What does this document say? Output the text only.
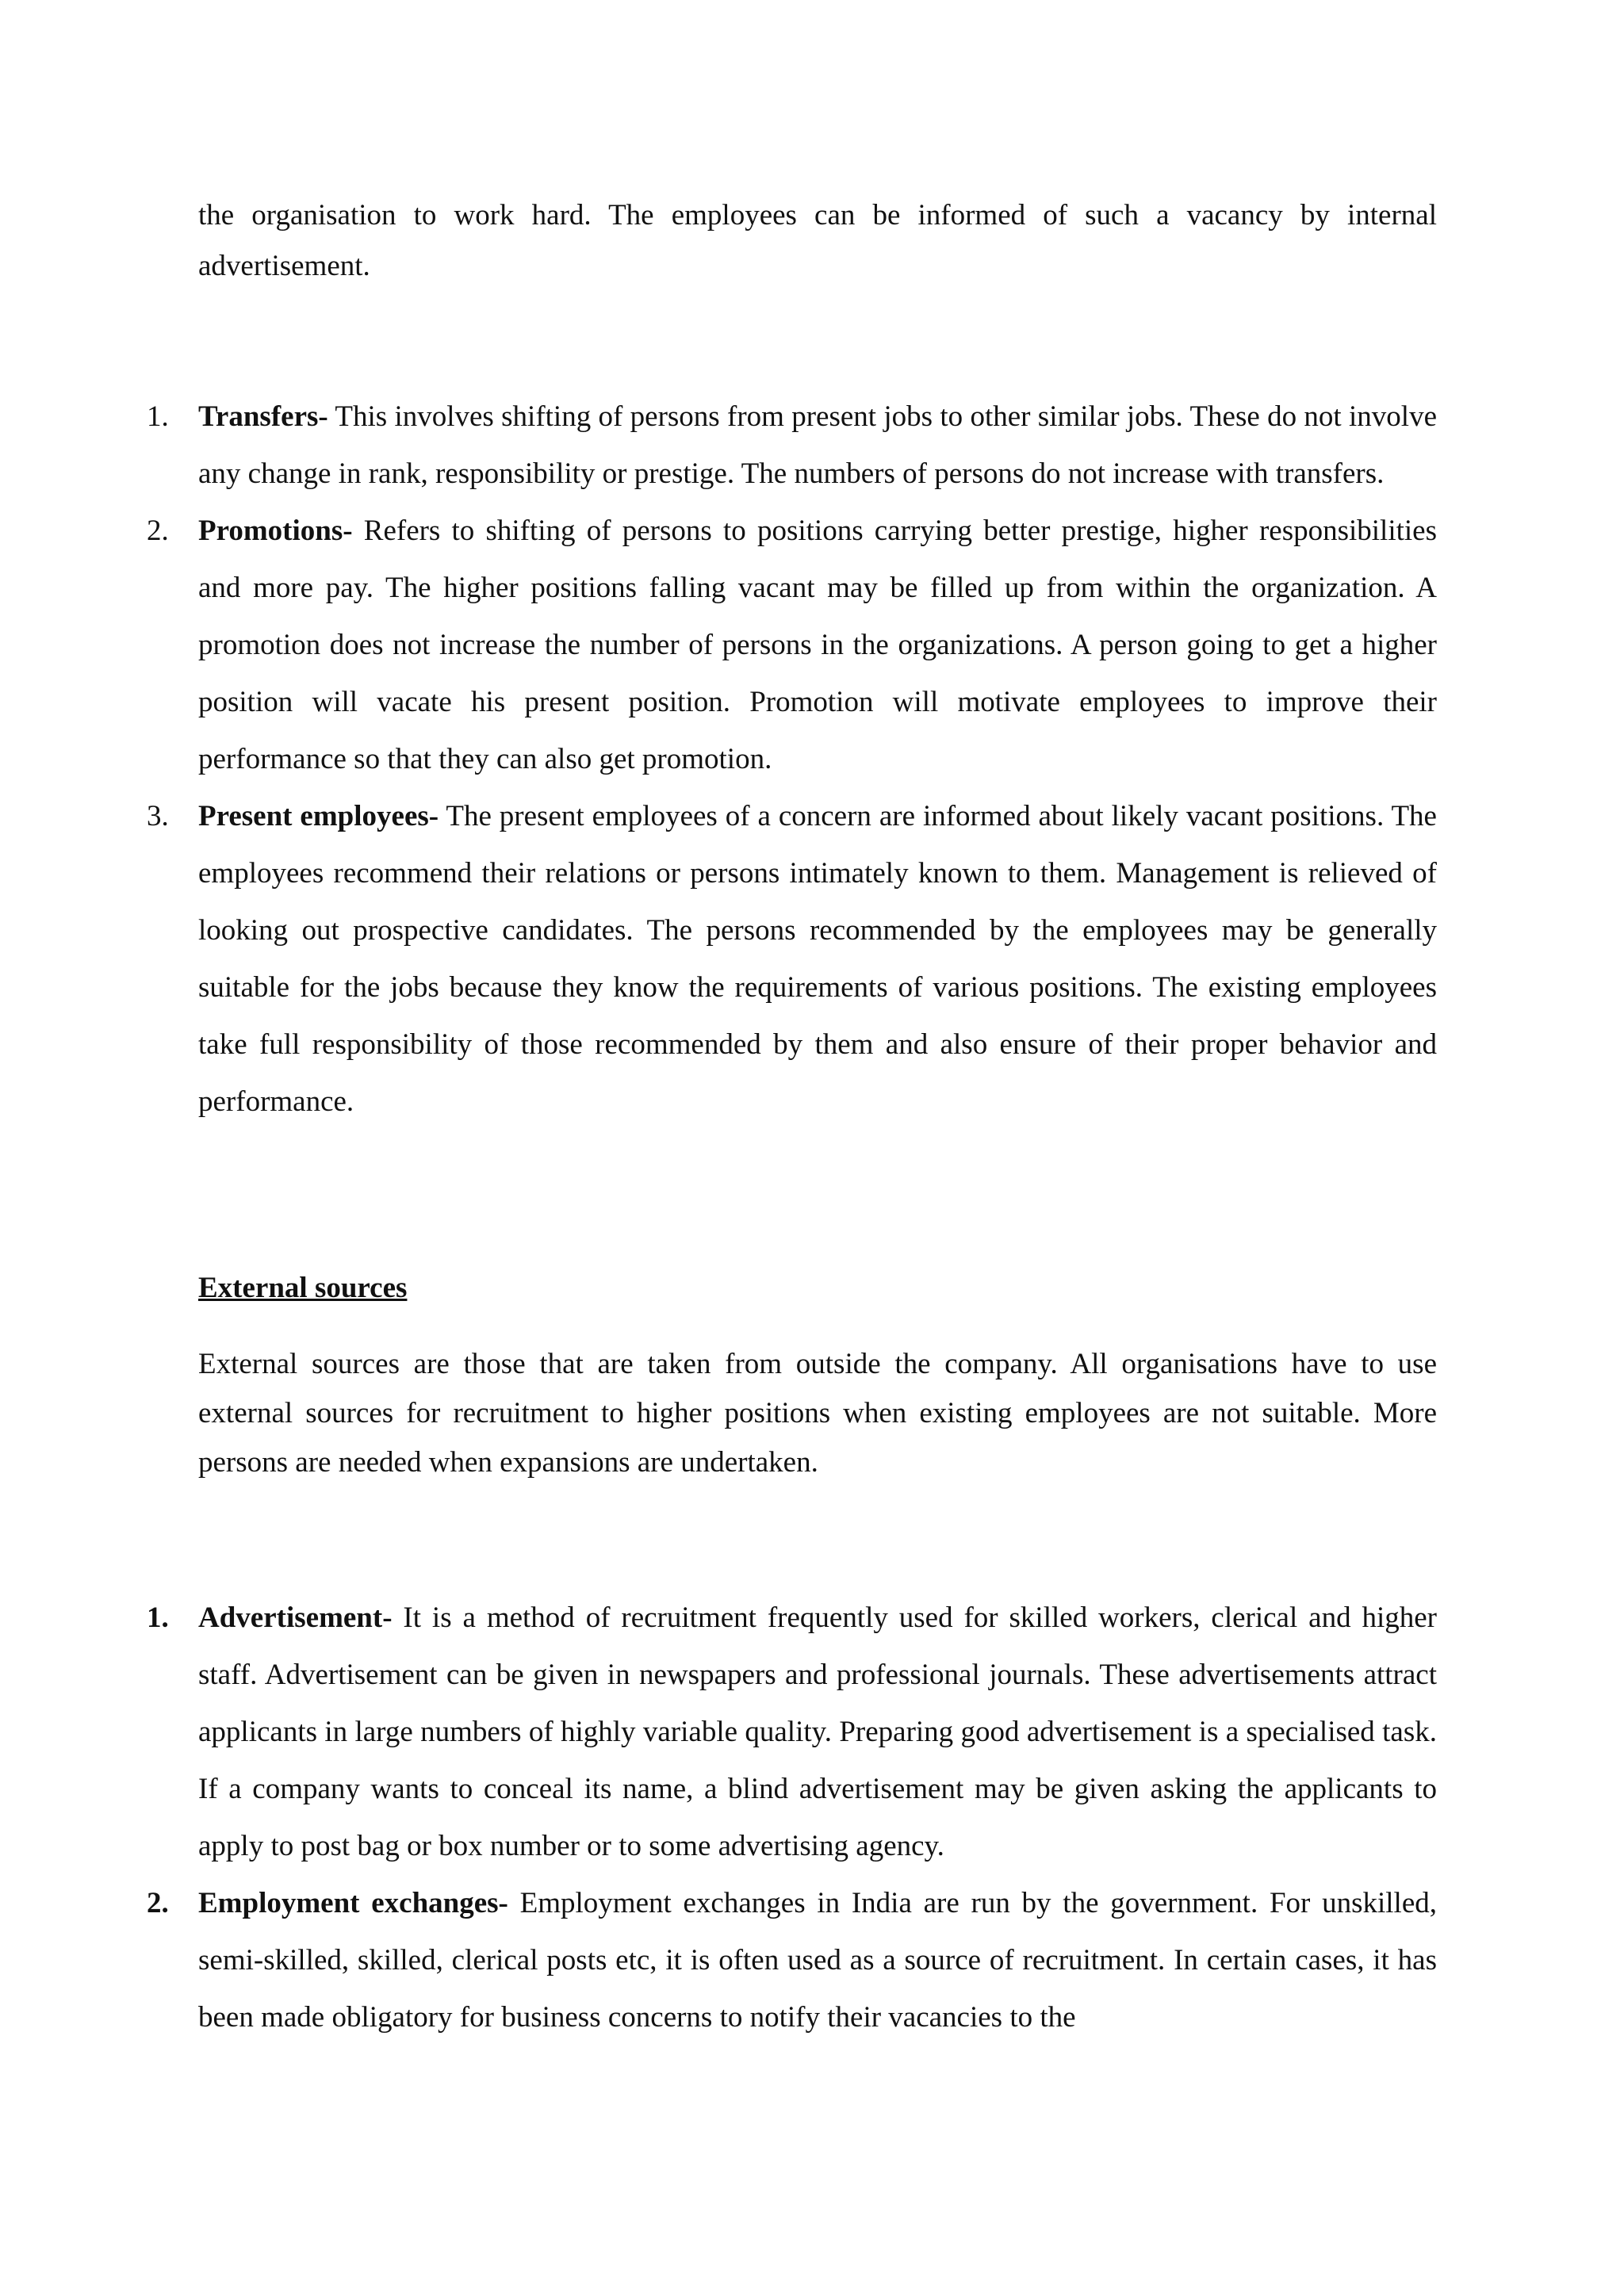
the organisation to work hard. The employees can be informed of such a vacancy by internal advertisement.

1.	Transfers- This involves shifting of persons from present jobs to other similar jobs. These do not involve any change in rank, responsibility or prestige. The numbers of persons do not increase with transfers.
2.	Promotions- Refers to shifting of persons to positions carrying better prestige, higher responsibilities and more pay. The higher positions falling vacant may be filled up from within the organization. A promotion does not increase the number of persons in the organizations. A person going to get a higher position will vacate his present position. Promotion will motivate employees to improve their performance so that they can also get promotion.
3.	Present employees- The present employees of a concern are informed about likely vacant positions. The employees recommend their relations or persons intimately known to them. Management is relieved of looking out prospective candidates. The persons recommended by the employees may be generally suitable for the jobs because they know the requirements of various positions. The existing employees take full responsibility of those recommended by them and also ensure of their proper behavior and performance.
External sources

External sources are those that are taken from outside the company. All organisations have to use external sources for recruitment to higher positions when existing employees are not suitable. More persons are needed when expansions are undertaken.

1.	Advertisement- It is a method of recruitment frequently used for skilled workers, clerical and higher staff. Advertisement can be given in newspapers and professional journals. These advertisements attract applicants in large numbers of highly variable quality. Preparing good advertisement is a specialised task. If a company wants to conceal its name, a blind advertisement may be given asking the applicants to apply to post bag or box number or to some advertising agency.
2.	Employment exchanges- Employment exchanges in India are run by the government. For unskilled, semi-skilled, skilled, clerical posts etc, it is often used as a source of recruitment. In certain cases, it has been made obligatory for business concerns to notify their vacancies to the
